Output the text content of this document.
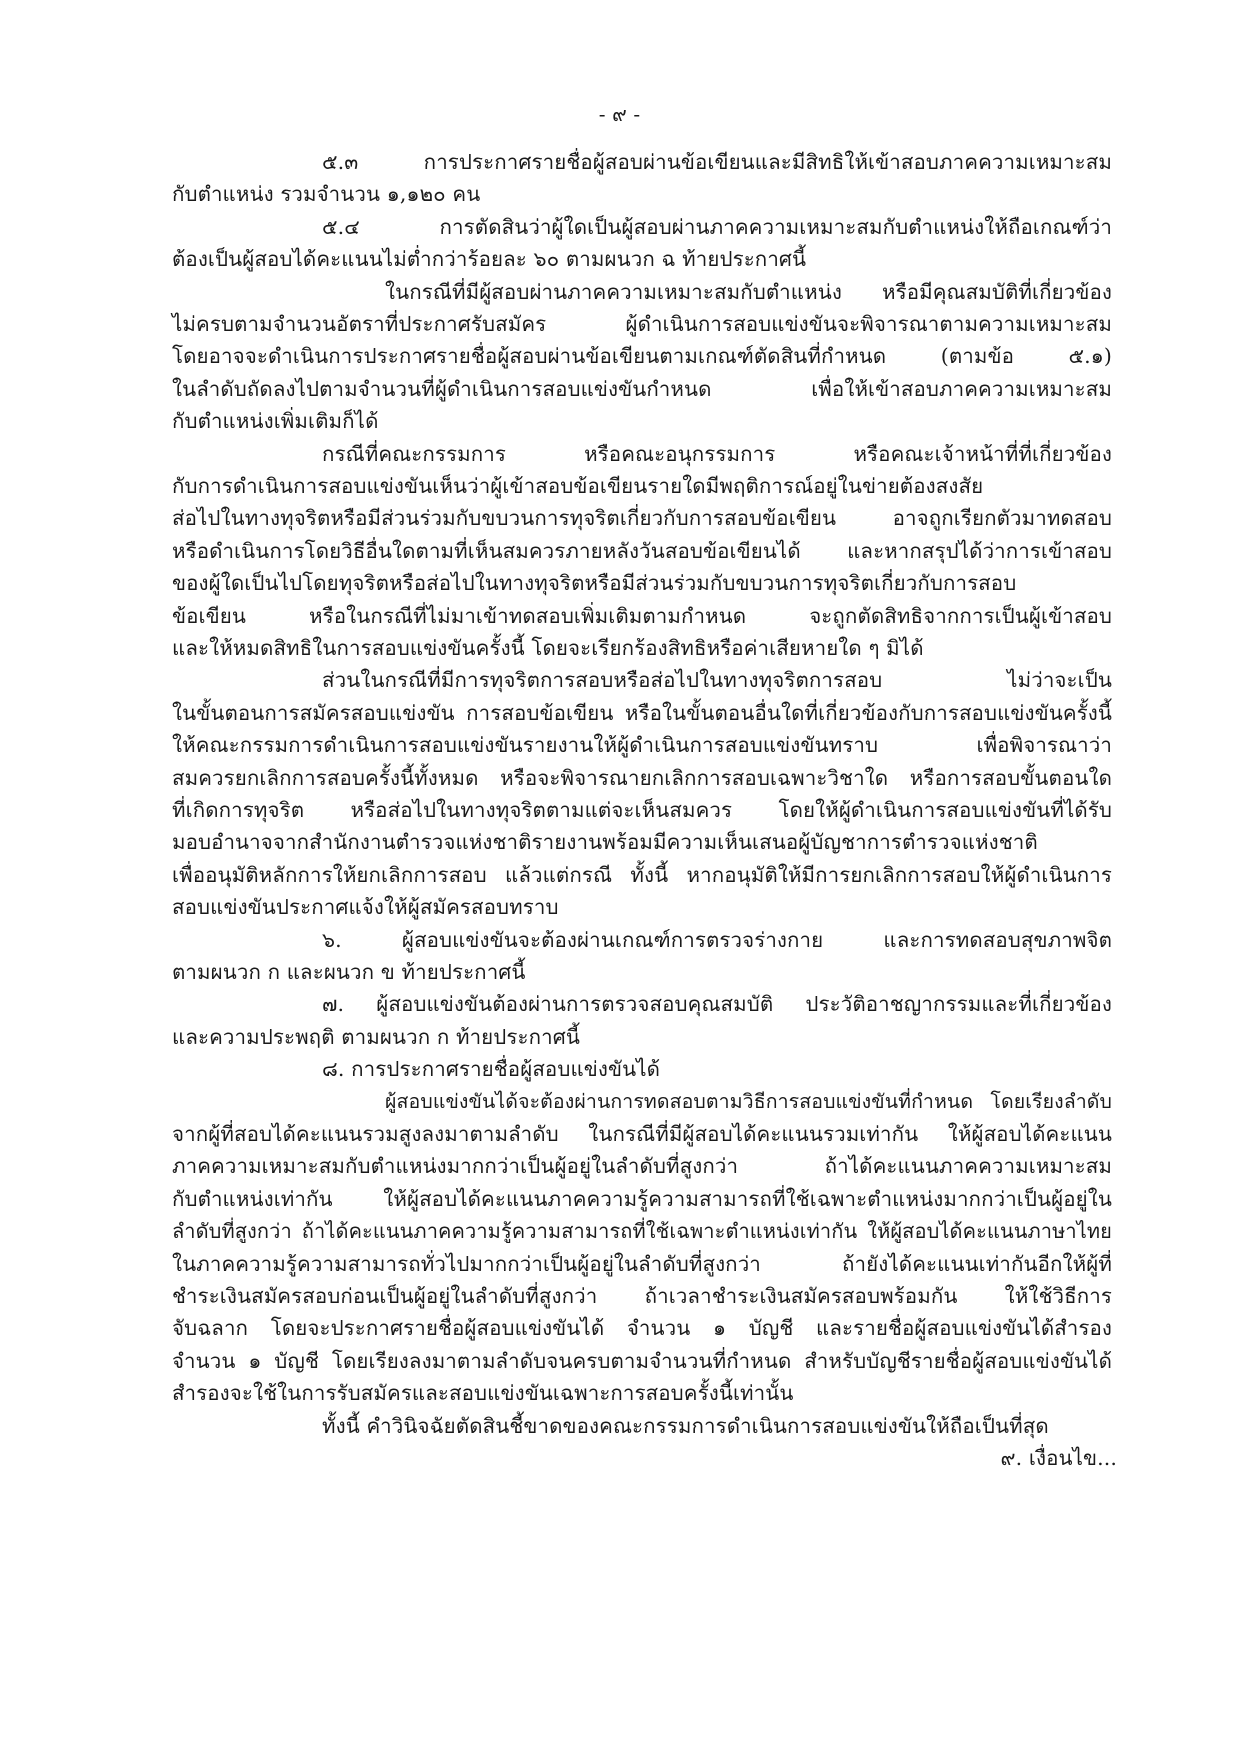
- ๙ -
๕.๓ การประกาศรายชื่อผู้สอบผ่านข้อเขียนและมีสิทธิให้เข้าสอบภาคความเหมาะสม
กับตำแหน่ง รวมจำนวน ๑,๑๒๐ คน
๕.๔ การตัดสินว่าผู้ใดเป็นผู้สอบผ่านภาคความเหมาะสมกับตำแหน่งให้ถือเกณฑ์ว่า
ต้องเป็นผู้สอบได้คะแนนไม่ต่ำกว่าร้อยละ ๖๐ ตามผนวก ฉ ท้ายประกาศนี้
ในกรณีที่มีผู้สอบผ่านภาคความเหมาะสมกับตำแหน่ง หรือมีคุณสมบัติที่เกี่ยวข้อง
ไม่ครบตามจำนวนอัตราที่ประกาศรับสมัคร ผู้ดำเนินการสอบแข่งขันจะพิจารณาตามความเหมาะสม
โดยอาจจะดำเนินการประกาศรายชื่อผู้สอบผ่านข้อเขียนตามเกณฑ์ตัดสินที่กำหนด (ตามข้อ ๕.๑)
ในลำดับถัดลงไปตามจำนวนที่ผู้ดำเนินการสอบแข่งขันกำหนด เพื่อให้เข้าสอบภาคความเหมาะสม
กับตำแหน่งเพิ่มเติมก็ได้
กรณีที่คณะกรรมการ หรือคณะอนุกรรมการ หรือคณะเจ้าหน้าที่ที่เกี่ยวข้อง
กับการดำเนินการสอบแข่งขันเห็นว่าผู้เข้าสอบข้อเขียนรายใดมีพฤติการณ์อยู่ในข่ายต้องสงสัย
ส่อไปในทางทุจริตหรือมีส่วนร่วมกับขบวนการทุจริตเกี่ยวกับการสอบข้อเขียน อาจถูกเรียกตัวมาทดสอบ
หรือดำเนินการโดยวิธีอื่นใดตามที่เห็นสมควรภายหลังวันสอบข้อเขียนได้ และหากสรุปได้ว่าการเข้าสอบ
ของผู้ใดเป็นไปโดยทุจริตหรือส่อไปในทางทุจริตหรือมีส่วนร่วมกับขบวนการทุจริตเกี่ยวกับการสอบ
ข้อเขียน หรือในกรณีที่ไม่มาเข้าทดสอบเพิ่มเติมตามกำหนด จะถูกตัดสิทธิจากการเป็นผู้เข้าสอบ
และให้หมดสิทธิในการสอบแข่งขันครั้งนี้ โดยจะเรียกร้องสิทธิหรือค่าเสียหายใด ๆ มิได้
ส่วนในกรณีที่มีการทุจริตการสอบหรือส่อไปในทางทุจริตการสอบ ไม่ว่าจะเป็น
ในขั้นตอนการสมัครสอบแข่งขัน การสอบข้อเขียน หรือในขั้นตอนอื่นใดที่เกี่ยวข้องกับการสอบแข่งขันครั้งนี้
ให้คณะกรรมการดำเนินการสอบแข่งขันรายงานให้ผู้ดำเนินการสอบแข่งขันทราบ เพื่อพิจารณาว่า
สมควรยกเลิกการสอบครั้งนี้ทั้งหมด หรือจะพิจารณายกเลิกการสอบเฉพาะวิชาใด หรือการสอบขั้นตอนใด
ที่เกิดการทุจริต หรือส่อไปในทางทุจริตตามแต่จะเห็นสมควร โดยให้ผู้ดำเนินการสอบแข่งขันที่ได้รับ
มอบอำนาจจากสำนักงานตำรวจแห่งชาติรายงานพร้อมมีความเห็นเสนอผู้บัญชาการตำรวจแห่งชาติ
เพื่ออนุมัติหลักการให้ยกเลิกการสอบ แล้วแต่กรณี ทั้งนี้ หากอนุมัติให้มีการยกเลิกการสอบให้ผู้ดำเนินการ
สอบแข่งขันประกาศแจ้งให้ผู้สมัครสอบทราบ
๖. ผู้สอบแข่งขันจะต้องผ่านเกณฑ์การตรวจร่างกาย และการทดสอบสุขภาพจิต
ตามผนวก ก และผนวก ข ท้ายประกาศนี้
๗. ผู้สอบแข่งขันต้องผ่านการตรวจสอบคุณสมบัติ ประวัติอาชญากรรมและที่เกี่ยวข้อง
และความประพฤติ ตามผนวก ก ท้ายประกาศนี้
๘. การประกาศรายชื่อผู้สอบแข่งขันได้
ผู้สอบแข่งขันได้จะต้องผ่านการทดสอบตามวิธีการสอบแข่งขันที่กำหนด โดยเรียงลำดับ
จากผู้ที่สอบได้คะแนนรวมสูงลงมาตามลำดับ ในกรณีที่มีผู้สอบได้คะแนนรวมเท่ากัน ให้ผู้สอบได้คะแนน
ภาคความเหมาะสมกับตำแหน่งมากกว่าเป็นผู้อยู่ในลำดับที่สูงกว่า ถ้าได้คะแนนภาคความเหมาะสม
กับตำแหน่งเท่ากัน ให้ผู้สอบได้คะแนนภาคความรู้ความสามารถที่ใช้เฉพาะตำแหน่งมากกว่าเป็นผู้อยู่ใน
ลำดับที่สูงกว่า ถ้าได้คะแนนภาคความรู้ความสามารถที่ใช้เฉพาะตำแหน่งเท่ากัน ให้ผู้สอบได้คะแนนภาษาไทย
ในภาคความรู้ความสามารถทั่วไปมากกว่าเป็นผู้อยู่ในลำดับที่สูงกว่า ถ้ายังได้คะแนนเท่ากันอีกให้ผู้ที่
ชำระเงินสมัครสอบก่อนเป็นผู้อยู่ในลำดับที่สูงกว่า ถ้าเวลาชำระเงินสมัครสอบพร้อมกัน ให้ใช้วิธีการ
จับฉลาก โดยจะประกาศรายชื่อผู้สอบแข่งขันได้ จำนวน ๑ บัญชี และรายชื่อผู้สอบแข่งขันได้สำรอง
จำนวน ๑ บัญชี โดยเรียงลงมาตามลำดับจนครบตามจำนวนที่กำหนด สำหรับบัญชีรายชื่อผู้สอบแข่งขันได้
สำรองจะใช้ในการรับสมัครและสอบแข่งขันเฉพาะการสอบครั้งนี้เท่านั้น
ทั้งนี้ คำวินิจฉัยตัดสินชี้ขาดของคณะกรรมการดำเนินการสอบแข่งขันให้ถือเป็นที่สุด
๙. เงื่อนไข...
